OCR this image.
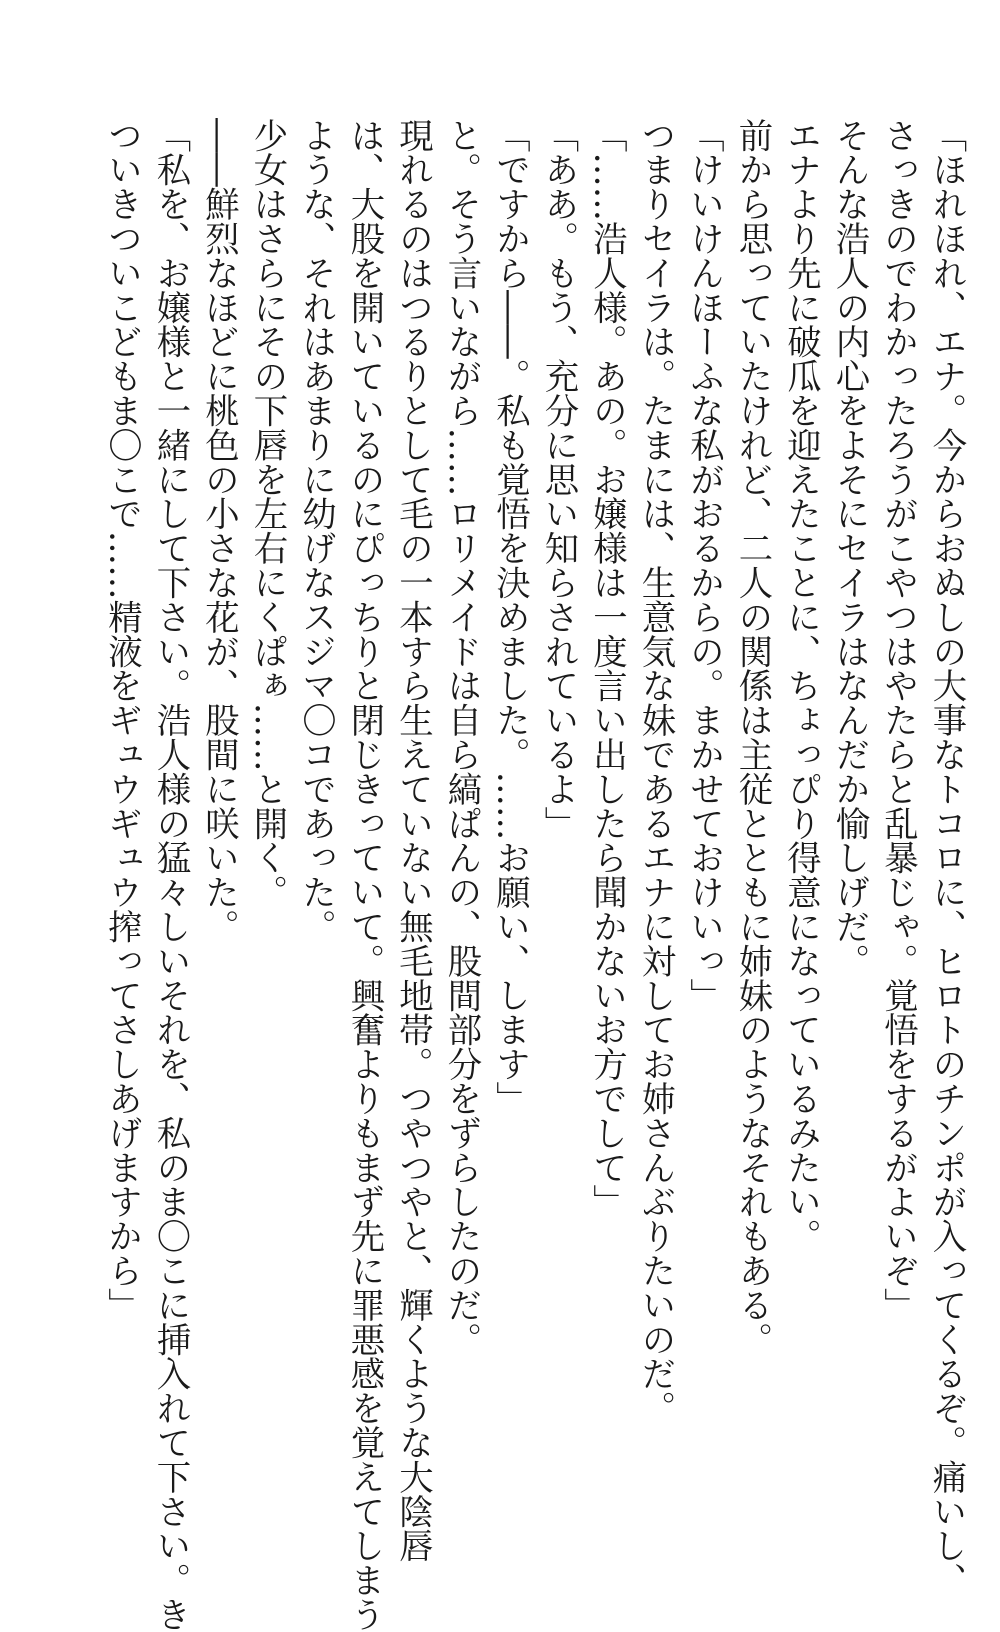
「ほれほれ、エナ。今からおぬしの大事なトコロに、ヒロトのチンポが入ってくるぞ。痛いし、
さっきのでわかったろうがこやつはやたらと乱暴じゃ。覚悟をするがよいぞ」
そんな浩人の内心をよそにセイラはなんだか愉しげだ。
エナより先に破瓜を迎えたことに、ちょっぴり得意になっているみたい。
前から思っていたけれど、二人の関係は主従とともに姉妹のようなそれもある。
「けいけんほーふな私がおるからの。まかせておけいっ」
つまりセイラは。たまには、生意気な妹であるエナに対してお姉さんぶりたいのだ。
「……浩人様。あの。お嬢様は一度言い出したら聞かないお方でして」
「ああ。もう、充分に思い知らされているよ」
「ですから――。私も覚悟を決めました。……お願い、します」
と。そう言いながら……ロリメイドは自ら縞ぱんの、股間部分をずらしたのだ。
現れるのはつるりとして毛の一本すら生えていない無毛地帯。つやつやと、輝くような大陰唇
は、大股を開いているのにぴっちりと閉じきっていて。興奮よりもまず先に罪悪感を覚えてしまう
ような、それはあまりに幼げなスジマ〇コであった。
少女はさらにその下唇を左右にくぱぁ……と開く。
――鮮烈なほどに桃色の小さな花が、股間に咲いた。
「私を、お嬢様と一緒にして下さい。浩人様の猛々しいそれを、私のま〇こに挿入れて下さい。き
ついきついこどもま〇こで……精液をギュウギュウ搾ってさしあげますから」
